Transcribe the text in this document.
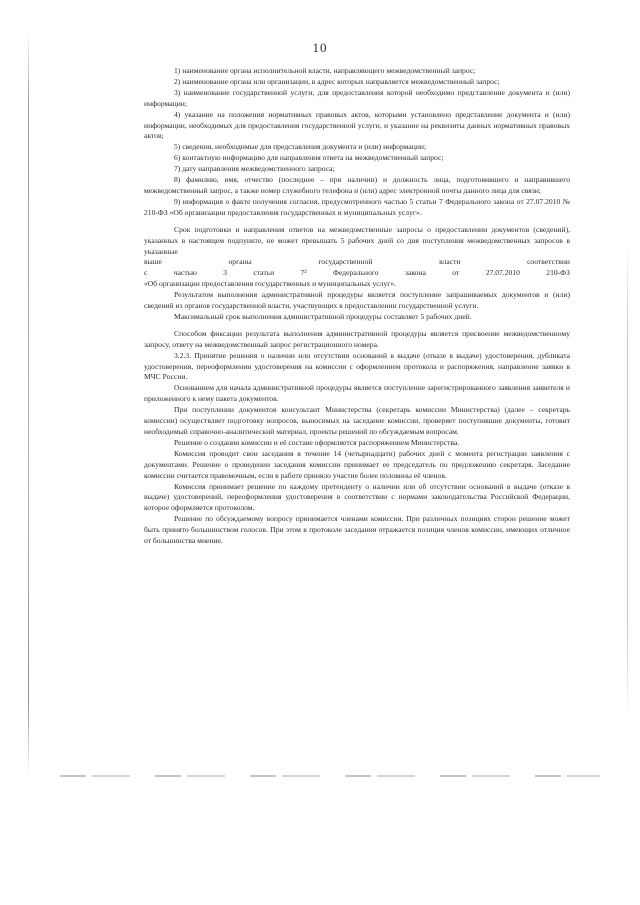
10

1) наименование органа исполнительной власти, направляющего межведомственный запрос;

2) наименование органа или организации, в адрес которых направляется межведомственный запрос;

3) наименование государственной услуги, для предоставления которой необходимо представление документа и (или) информации;

4) указание на положения нормативных правовых актов, которыми установлено представление документа и (или) информации, необходимых для предоставления государственной услуги, и указание на реквизиты данных нормативных правовых актов;

5) сведения, необходимые для представления документа и (или) информации;

6) контактную информацию для направления ответа на межведомственный запрос;

7) дату направления межведомственного запроса;

8) фамилию, имя, отчество (последнее – при наличии) и должность лица, подготовившего и направившего межведомственный запрос, а также номер служебного телефона и (или) адрес электронной почты данного лица для связи;

9) информация о факте получения согласия, предусмотренного частью 5 статьи 7 Федерального закона от 27.07.2010 № 210-ФЗ «Об организации предоставления государственных и муниципальных услуг».

Срок подготовки и направления ответов на межведомственные запросы о предоставлении документов (сведений), указанных в настоящем подпункте, не может превышать 5 рабочих дней со дня поступления межведомственных запросов в указанные

выше	органы	государственной	власти	соответствии
с	частью	3	статьи	7²	Федерального	закона	от	27.07.2010	210-ФЗ
«Об организации предоставления государственных и муниципальных услуг».

Результатом выполнения административной процедуры является поступление запрашиваемых документов и (или) сведений из органов государственной власти, участвующих в предоставлении государственной услуги.

Максимальный срок выполнения административной процедуры составляет 5 рабочих дней.

Способом фиксации результата выполнения административной процедуры является присвоение межведомственному запросу, ответу на межведомственный запрос регистрационного номера.

3.2.3. Принятие решения о наличии или отсутствии оснований в выдаче (отказе в выдаче) удостоверения, дубликата удостоверения, переоформлении удостоверения на комиссии с оформлением протокола и распоряжения, направление заявки в МЧС России.

Основанием для начала административной процедуры является поступление зарегистрированного заявления заявителя и приложенного к нему пакета документов.

При поступлении документов консультант Министерства (секретарь комиссии Министерства) (далее – секретарь комиссии) осуществляет подготовку вопросов, выносимых на заседание комиссии, проверяет поступившие документы, готовит необходимый справочно-аналитический материал, проекты решений по обсуждаемым вопросам.

Решение о создании комиссии и её составе оформляется распоряжением Министерства.

Комиссия проводит свои заседания в течение 14 (четырнадцати) рабочих дней с момента регистрации заявления с документами. Решение о проведении заседания комиссии принимает ее председатель по предложению секретаря. Заседание комиссии считается правомочным, если в работе приняло участие более половины её членов.

Комиссия принимает решение по каждому претенденту о наличии или об отсутствии оснований в выдаче (отказе в выдаче) удостоверений, переоформления удостоверения в соответствии с нормами законодательства Российской Федерации, которое оформляется протоколом.

Решение по обсуждаемому вопросу принимается членами комиссии. При различных позициях сторон решение может быть принято большинством голосов. При этом в протоколе заседания отражается позиция членов комиссии, имеющих отличное от большинства мнение.
